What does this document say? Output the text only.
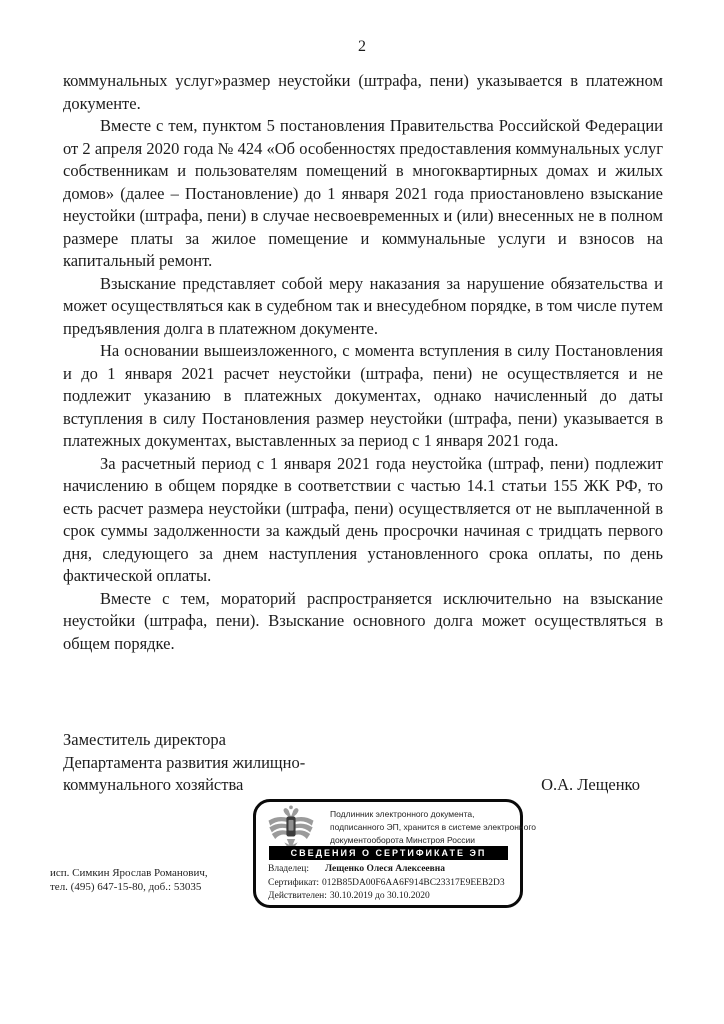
2

коммунальных услуг»размер неустойки (штрафа, пени) указывается в платежном документе.

Вместе с тем, пунктом 5 постановления Правительства Российской Федерации от 2 апреля 2020 года № 424 «Об особенностях предоставления коммунальных услуг собственникам и пользователям помещений в многоквартирных домах и жилых домов» (далее – Постановление) до 1 января 2021 года приостановлено взыскание неустойки (штрафа, пени) в случае несвоевременных и (или) внесенных не в полном размере платы за жилое помещение и коммунальные услуги и взносов на капитальный ремонт.

Взыскание представляет собой меру наказания за нарушение обязательства и может осуществляться как в судебном так и внесудебном порядке, в том числе путем предъявления долга в платежном документе.

На основании вышеизложенного, с момента вступления в силу Постановления и до 1 января 2021 расчет неустойки (штрафа, пени) не осуществляется и не подлежит указанию в платежных документах, однако начисленный до даты вступления в силу Постановления размер неустойки (штрафа, пени) указывается в платежных документах, выставленных за период с 1 января 2021 года.

За расчетный период с 1 января 2021 года неустойка (штраф, пени) подлежит начислению в общем порядке в соответствии с частью 14.1 статьи 155 ЖК РФ, то есть расчет размера неустойки (штрафа, пени) осуществляется от не выплаченной в срок суммы задолженности за каждый день просрочки начиная с тридцать первого дня, следующего за днем наступления установленного срока оплаты, по день фактической оплаты.

Вместе с тем, мораторий распространяется исключительно на взыскание неустойки (штрафа, пени). Взыскание основного долга может осуществляться в общем порядке.

Заместитель директора
Департамента развития жилищно-
коммунального хозяйства	О.А. Лещенко
Подлинник электронного документа,
подписанного ЭП, хранится в системе электронного
документооборота Минстроя России
СВЕДЕНИЯ О СЕРТИФИКАТЕ ЭП
Владелец: Лещенко Олеся Алексеевна
Сертификат: 012B85DA00F6AA6F914BC23317E9EEB2D3
Действителен: 30.10.2019 до 30.10.2020
исп. Симкин Ярослав Романович,
тел. (495) 647-15-80, доб.: 53035
